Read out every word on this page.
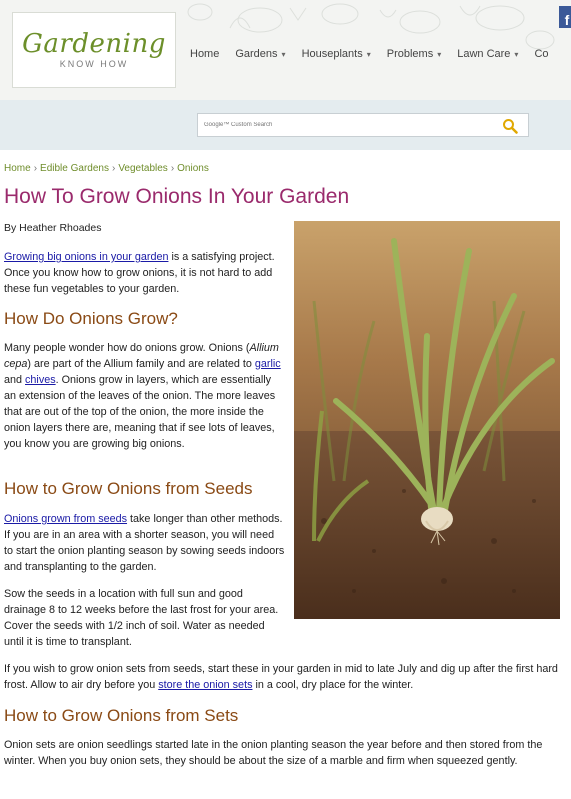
Gardening
KNOW HOW
Home Gardens ▾ Houseplants ▾ Problems ▾ Lawn Care ▾ Co
f
Google™ Custom Search
Home › Edible Gardens › Vegetables › Onions
How To Grow Onions In Your Garden
By Heather Rhoades
Growing big onions in your garden is a satisfying project. Once you know how to grow onions, it is not hard to add these fun vegetables to your garden.
How Do Onions Grow?
Many people wonder how do onions grow. Onions (Allium cepa) are part of the Allium family and are related to garlic and chives. Onions grow in layers, which are essentially an extension of the leaves of the onion. The more leaves that are out of the top of the onion, the more inside the onion layers there are, meaning that if see lots of leaves, you know you are growing big onions.
How to Grow Onions from Seeds
Onions grown from seeds take longer than other methods. If you are in an area with a shorter season, you will need to start the onion planting season by sowing seeds indoors and transplanting to the garden.
Sow the seeds in a location with full sun and good drainage 8 to 12 weeks before the last frost for your area. Cover the seeds with 1/2 inch of soil. Water as needed until it is time to transplant.
If you wish to grow onion sets from seeds, start these in your garden in mid to late July and dig up after the first hard frost. Allow to air dry before you store the onion sets in a cool, dry place for the winter.
How to Grow Onions from Sets
Onion sets are onion seedlings started late in the onion planting season the year before and then stored from the winter. When you buy onion sets, they should be about the size of a marble and firm when squeezed gently.
